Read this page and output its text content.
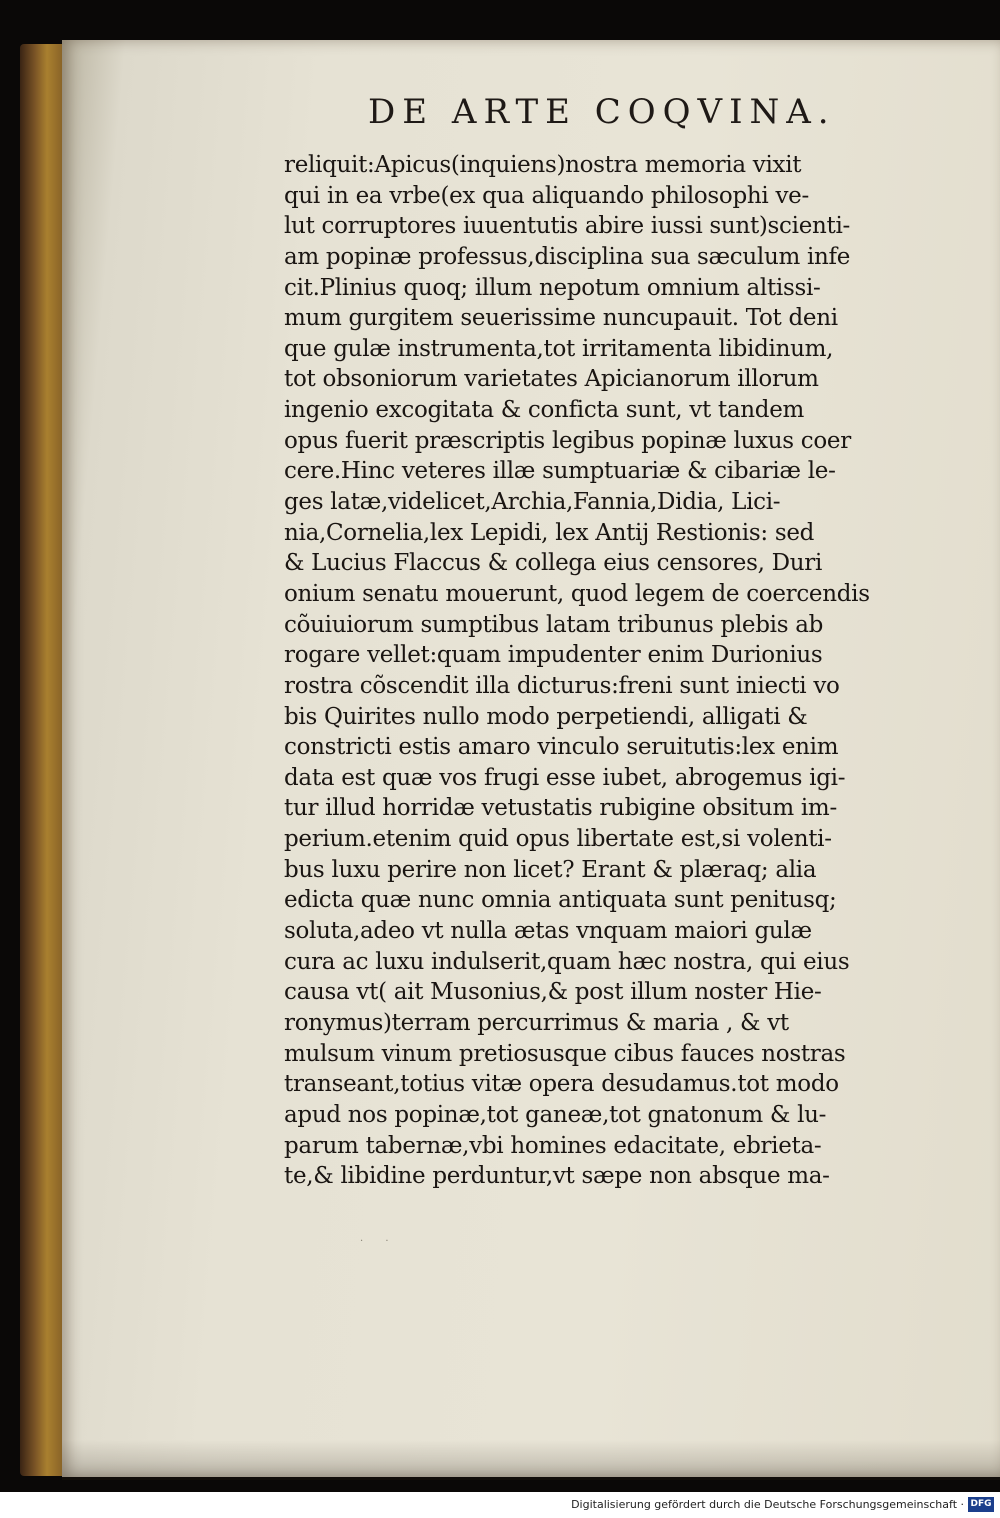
DE ARTE COQVINA.
reliquit:Apicus(inquiens)nostra memoria vixit
qui in ea vrbe(ex qua aliquando philosophi ve-
lut corruptores iuuentutis abire iussi sunt)scienti-
am popinæ professus,disciplina sua sæculum infe
cit.Plinius quoq; illum nepotum omnium altissi-
mum gurgitem seuerissime nuncupauit. Tot deni
que gulæ instrumenta,tot irritamenta libidinum,
tot obsoniorum varietates Apicianorum illorum
ingenio excogitata & conficta sunt, vt tandem
opus fuerit præscriptis legibus popinæ luxus coer
cere.Hinc veteres illæ sumptuariæ & cibariæ le-
ges latæ,videlicet,Archia,Fannia,Didia, Lici-
nia,Cornelia,lex Lepidi, lex Antij Restionis: sed
& Lucius Flaccus & collega eius censores, Duri
onium senatu mouerunt, quod legem de coercendis
cõuiuiorum sumptibus latam tribunus plebis ab
rogare vellet:quam impudenter enim Durionius
rostra cõscendit illa dicturus:freni sunt iniecti vo
bis Quirites nullo modo perpetiendi, alligati &
constricti estis amaro vinculo seruitutis:lex enim
data est quæ vos frugi esse iubet, abrogemus igi-
tur illud horridæ vetustatis rubigine obsitum im-
perium.etenim quid opus libertate est,si volenti-
bus luxu perire non licet? Erant & plæraq; alia
edicta quæ nunc omnia antiquata sunt penitusq;
soluta,adeo vt nulla ætas vnquam maiori gulæ
cura ac luxu indulserit,quam hæc nostra, qui eius
causa vt( ait Musonius,& post illum noster Hie-
ronymus)terram percurrimus & maria , & vt
mulsum vinum pretiosusque cibus fauces nostras
transeant,totius vitæ opera desudamus.tot modo
apud nos popinæ,tot ganeæ,tot gnatonum & lu-
parum tabernæ,vbi homines edacitate, ebrieta-
te,& libidine perduntur,vt sæpe non absque ma-
·       ·
Digitalisierung gefördert durch die Deutsche Forschungsgemeinschaft · DFG
